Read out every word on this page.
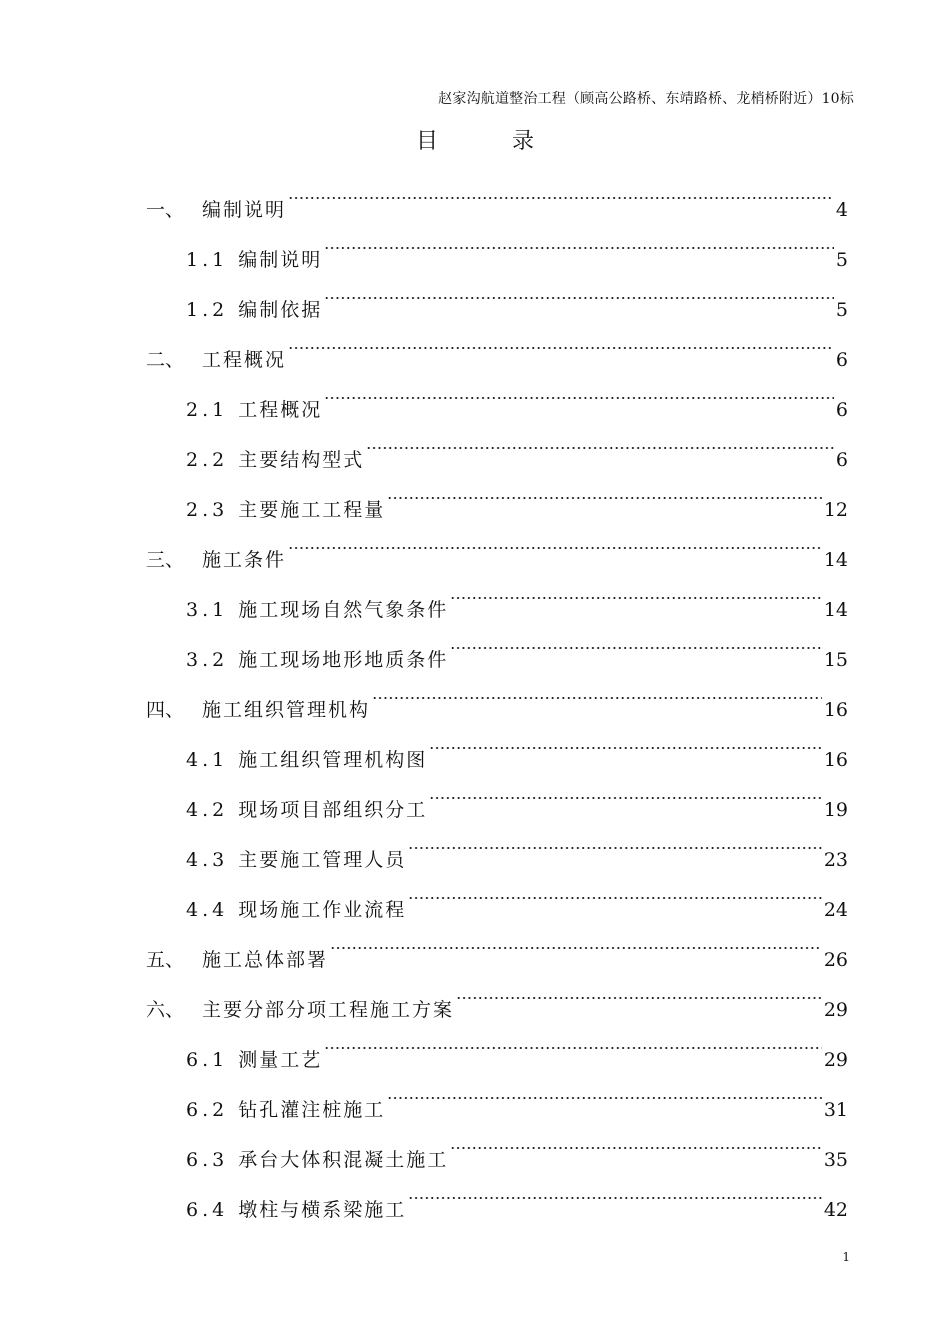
赵家沟航道整治工程（顾高公路桥、东靖路桥、龙梢桥附近）10标
目　录
一、 编制说明	4
1.1 编制说明	5
1.2 编制依据	5
二、 工程概况	6
2.1 工程概况	6
2.2 主要结构型式	6
2.3 主要施工工程量	12
三、 施工条件	14
3.1 施工现场自然气象条件	14
3.2 施工现场地形地质条件	15
四、 施工组织管理机构	16
4.1 施工组织管理机构图	16
4.2 现场项目部组织分工	19
4.3 主要施工管理人员	23
4.4 现场施工作业流程	24
五、 施工总体部署	26
六、 主要分部分项工程施工方案	29
6.1 测量工艺	29
6.2 钻孔灌注桩施工	31
6.3 承台大体积混凝土施工	35
6.4 墩柱与横系梁施工	42
1
